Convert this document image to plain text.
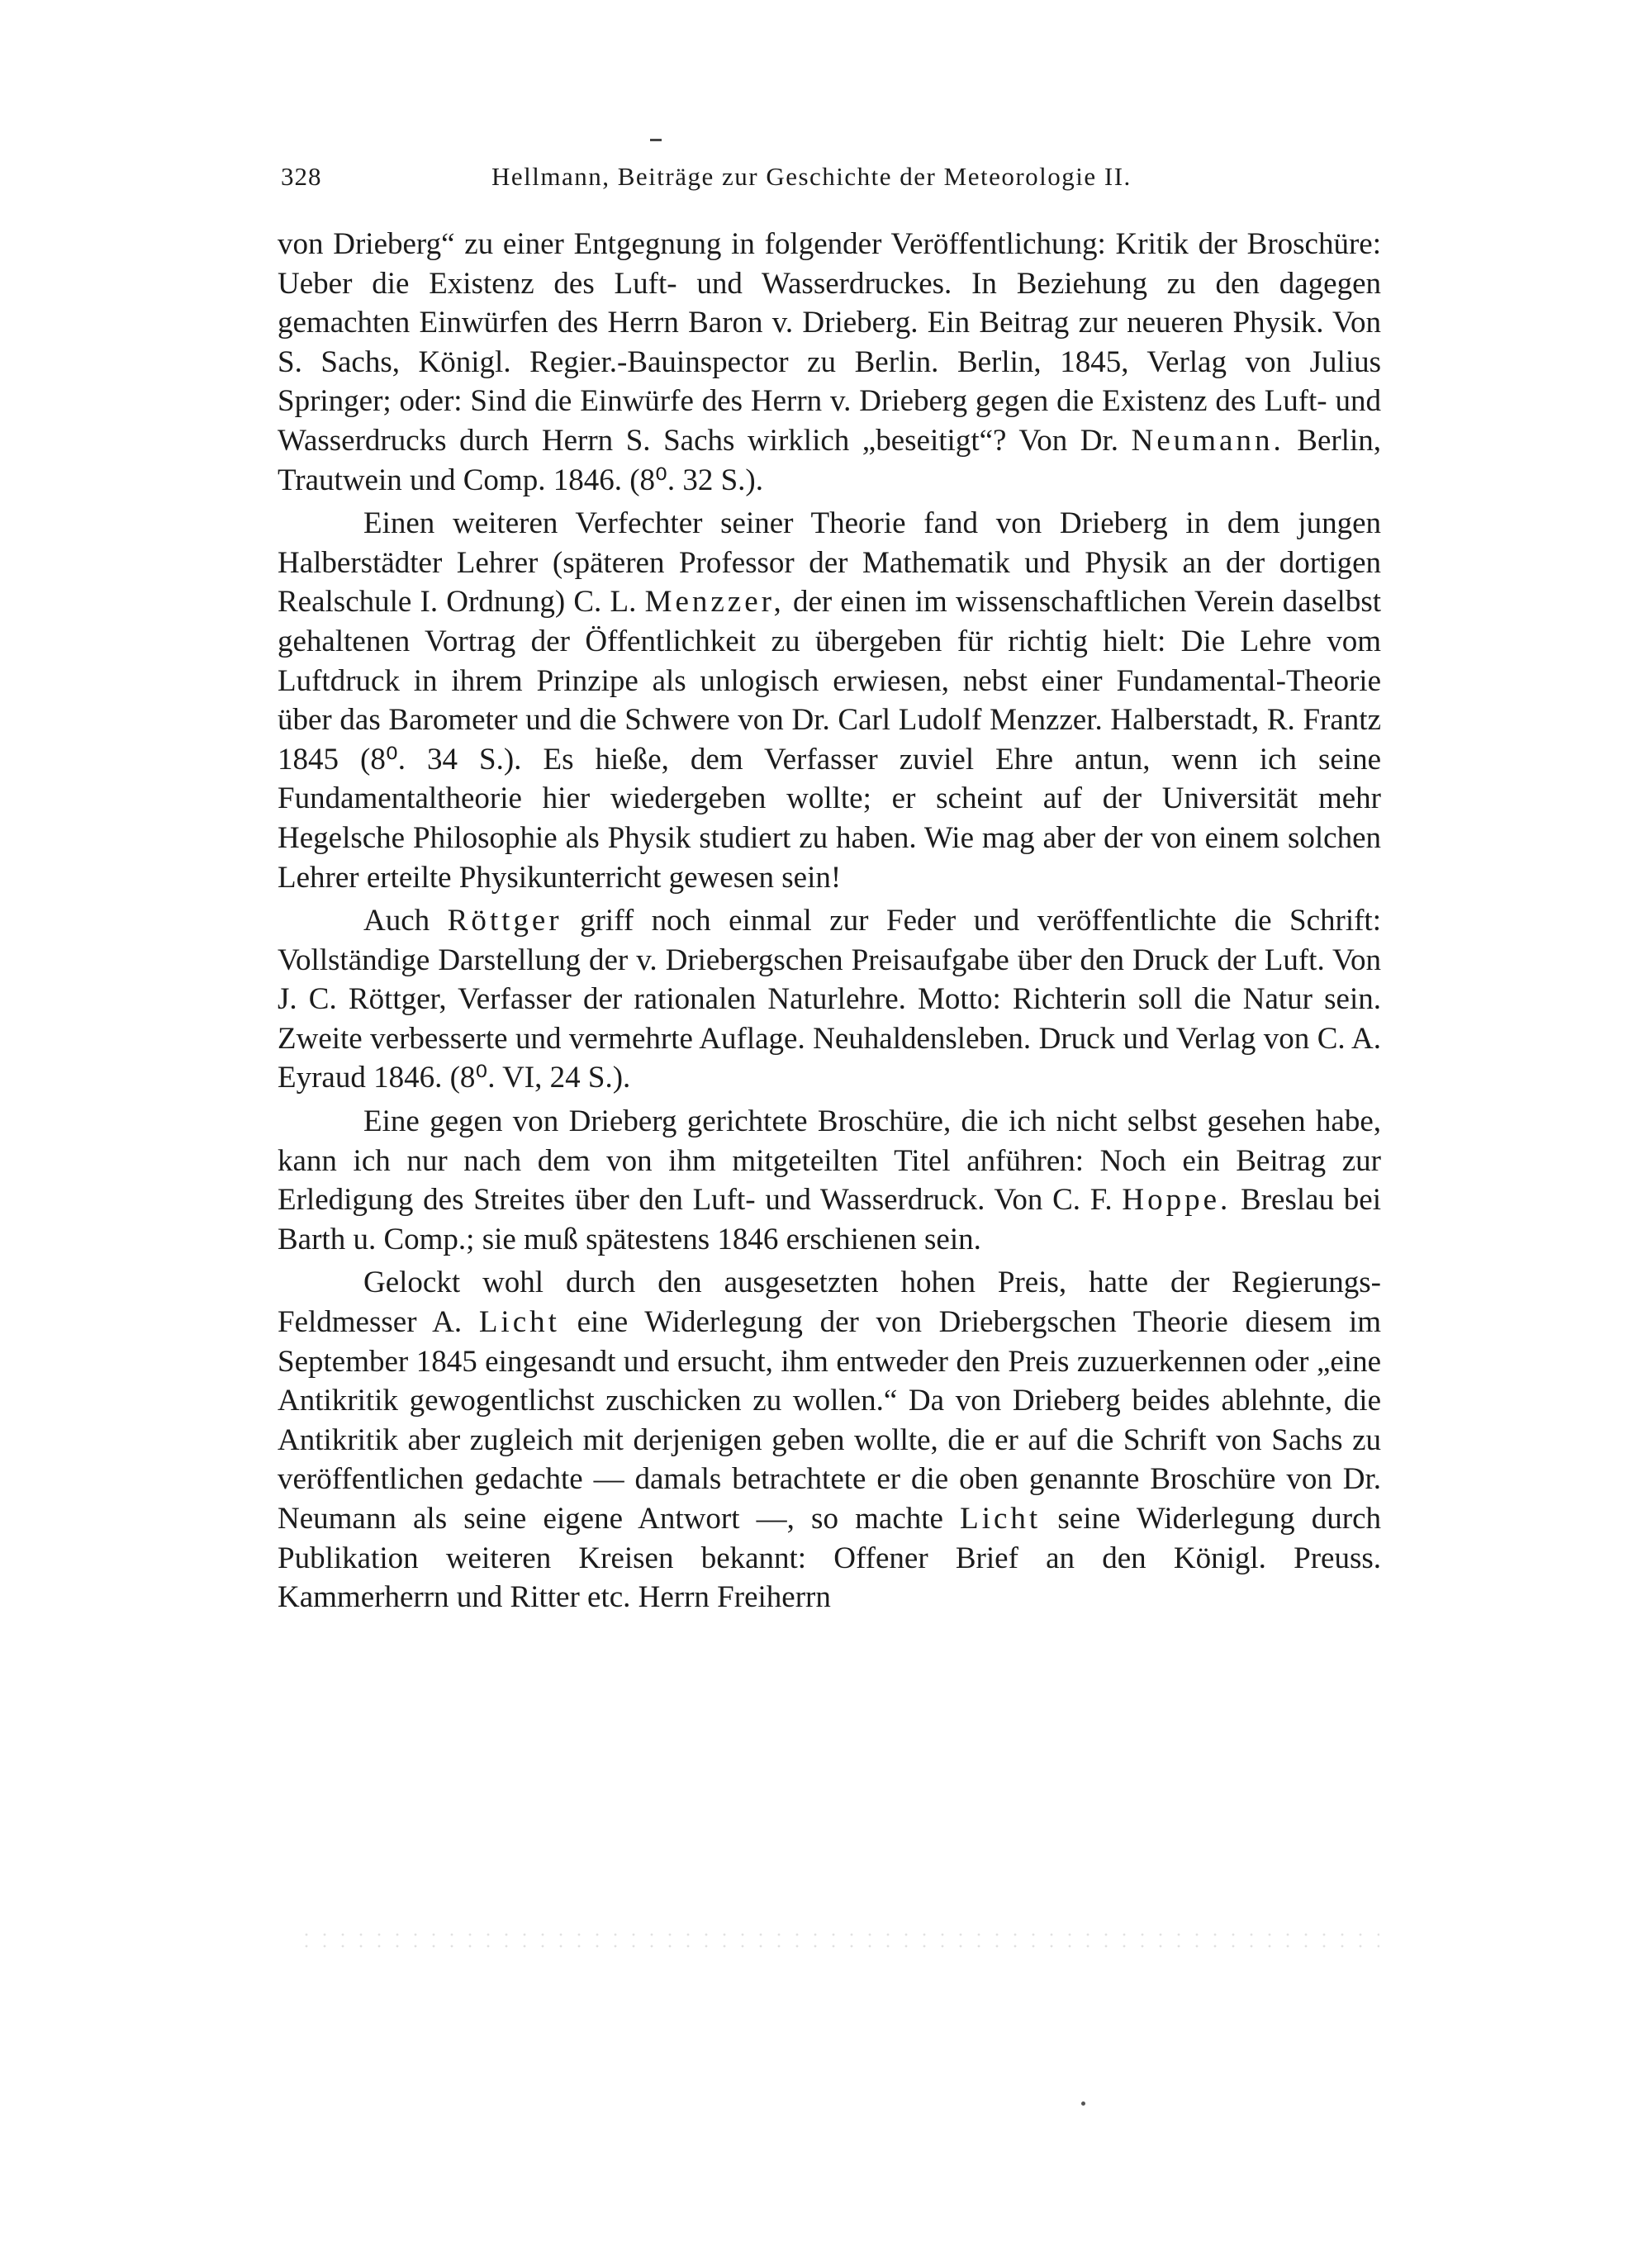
328	Hellmann, Beiträge zur Geschichte der Meteorologie II.

von Drieberg“ zu einer Entgegnung in folgender Veröffentlichung: Kritik der Broschüre: Ueber die Existenz des Luft- und Wasserdruckes. In Beziehung zu den dagegen gemachten Einwürfen des Herrn Baron v. Drieberg. Ein Beitrag zur neueren Physik. Von S. Sachs, Königl. Regier.-Bauinspector zu Berlin. Berlin, 1845, Verlag von Julius Springer; oder: Sind die Einwürfe des Herrn v. Drieberg gegen die Existenz des Luft- und Wasserdrucks durch Herrn S. Sachs wirklich „beseitigt“? Von Dr. Neumann. Berlin, Trautwein und Comp. 1846. (8⁰. 32 S.).

Einen weiteren Verfechter seiner Theorie fand von Drieberg in dem jungen Halberstädter Lehrer (späteren Professor der Mathematik und Physik an der dortigen Realschule I. Ordnung) C. L. Menzzer, der einen im wissenschaftlichen Verein daselbst gehaltenen Vortrag der Öffentlichkeit zu übergeben für richtig hielt: Die Lehre vom Luftdruck in ihrem Prinzipe als unlogisch erwiesen, nebst einer Fundamental-Theorie über das Barometer und die Schwere von Dr. Carl Ludolf Menzzer. Halberstadt, R. Frantz 1845 (8⁰. 34 S.). Es hieße, dem Verfasser zuviel Ehre antun, wenn ich seine Fundamentaltheorie hier wiedergeben wollte; er scheint auf der Universität mehr Hegelsche Philosophie als Physik studiert zu haben. Wie mag aber der von einem solchen Lehrer erteilte Physikunterricht gewesen sein!

Auch Röttger griff noch einmal zur Feder und veröffentlichte die Schrift: Vollständige Darstellung der v. Driebergschen Preisaufgabe über den Druck der Luft. Von J. C. Röttger, Verfasser der rationalen Naturlehre. Motto: Richterin soll die Natur sein. Zweite verbesserte und vermehrte Auflage. Neuhaldensleben. Druck und Verlag von C. A. Eyraud 1846. (8⁰. VI, 24 S.).

Eine gegen von Drieberg gerichtete Broschüre, die ich nicht selbst gesehen habe, kann ich nur nach dem von ihm mitgeteilten Titel anführen: Noch ein Beitrag zur Erledigung des Streites über den Luft- und Wasserdruck. Von C. F. Hoppe. Breslau bei Barth u. Comp.; sie muß spätestens 1846 erschienen sein.

Gelockt wohl durch den ausgesetzten hohen Preis, hatte der Regierungs-Feldmesser A. Licht eine Widerlegung der von Driebergschen Theorie diesem im September 1845 eingesandt und ersucht, ihm entweder den Preis zuzuerkennen oder „eine Antikritik gewogentlichst zuschicken zu wollen.“ Da von Drieberg beides ablehnte, die Antikritik aber zugleich mit derjenigen geben wollte, die er auf die Schrift von Sachs zu veröffentlichen gedachte — damals betrachtete er die oben genannte Broschüre von Dr. Neumann als seine eigene Antwort —, so machte Licht seine Widerlegung durch Publikation weiteren Kreisen bekannt: Offener Brief an den Königl. Preuss. Kammerherrn und Ritter etc. Herrn Freiherrn
